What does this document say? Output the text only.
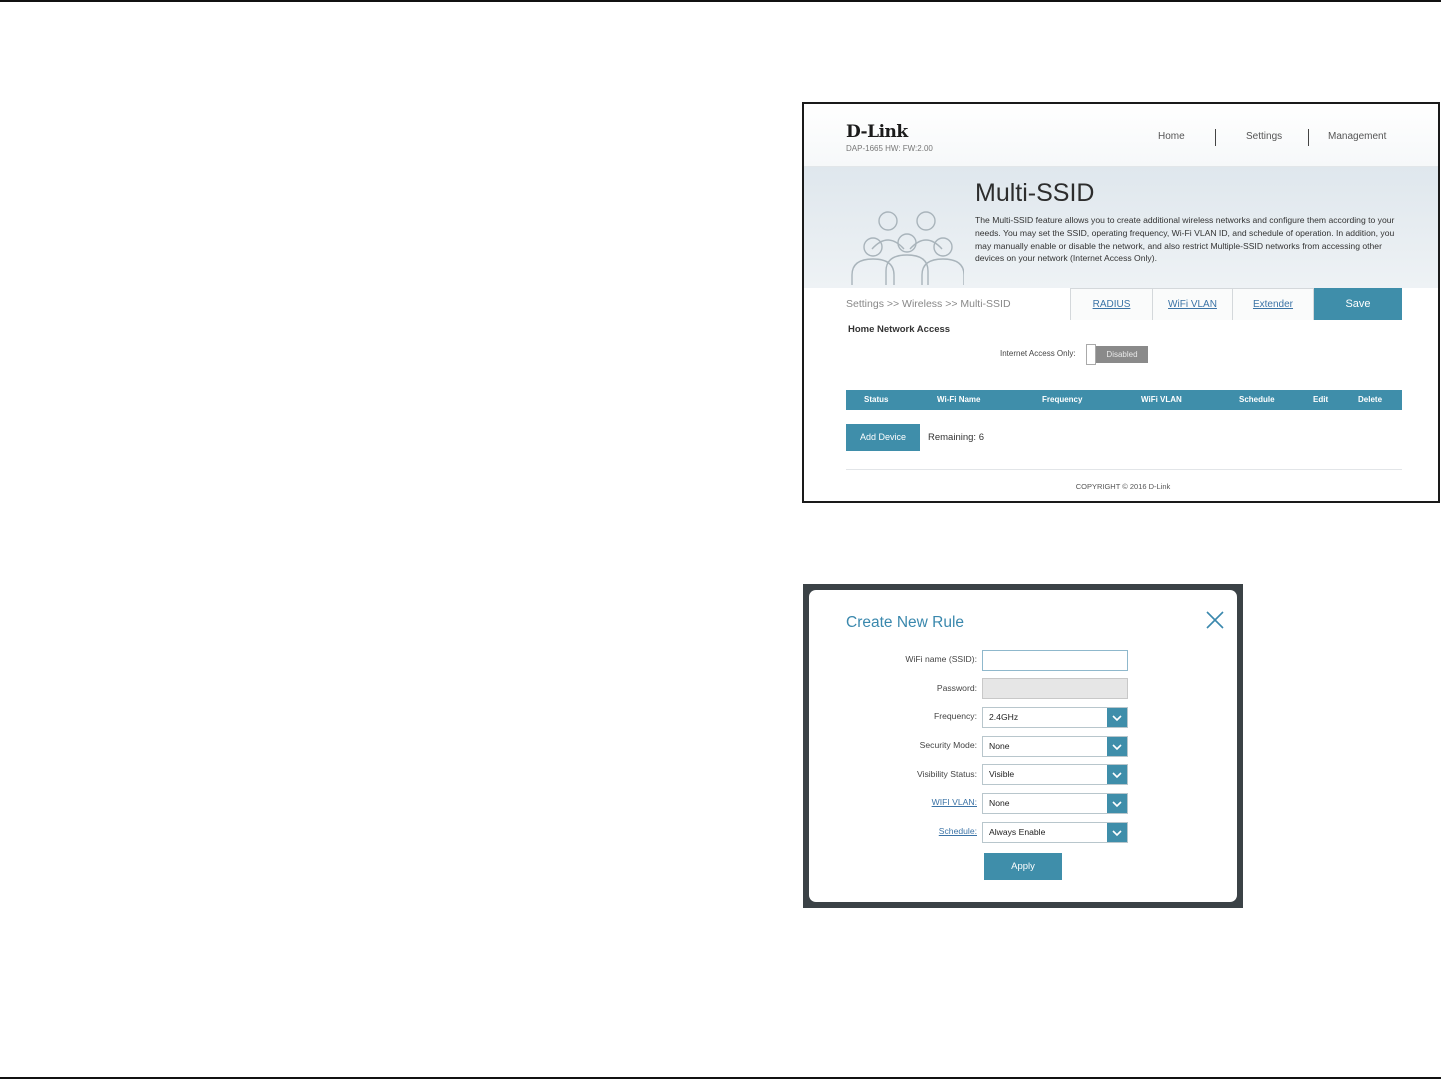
D-Link
DAP-1665 HW: FW:2.00
Home	Settings	Management
Multi-SSID
The Multi-SSID feature allows you to create additional wireless networks and configure them according to your needs. You may set the SSID, operating frequency, Wi-Fi VLAN ID, and schedule of operation. In addition, you may manually enable or disable the network, and also restrict Multiple-SSID networks from accessing other devices on your network (Internet Access Only).
Settings >> Wireless >> Multi-SSID	RADIUS	WiFi VLAN	Extender	Save
Home Network Access
Internet Access Only:	Disabled
Status	Wi-Fi Name	Frequency	WiFi VLAN	Schedule	Edit	Delete
Add Device	Remaining: 6
COPYRIGHT © 2016 D-Link
Create New Rule
WiFi name (SSID):
Password:
Frequency: 2.4GHz
Security Mode: None
Visibility Status: Visible
WIFI VLAN: None
Schedule: Always Enable
Apply
